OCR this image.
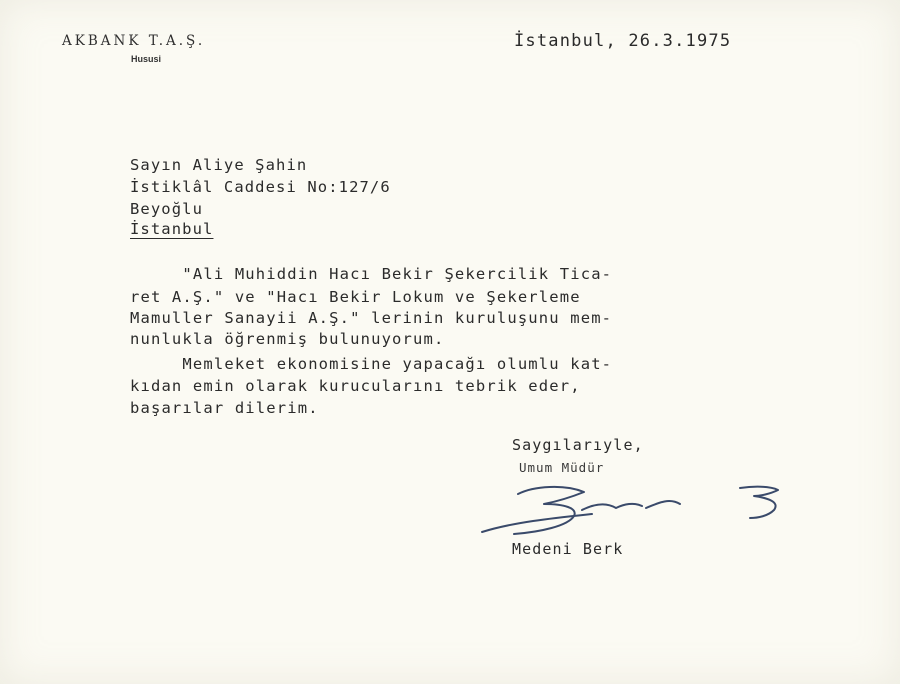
AKBANK T.A.Ş.
Hususi
İstanbul, 26.3.1975
Sayın Aliye Şahin
İstiklâl Caddesi No:127/6
Beyoğlu
İstanbul
"Ali Muhiddin Hacı Bekir Şekercilik Tica-
ret A.Ş." ve "Hacı Bekir Lokum ve Şekerleme
Mamuller Sanayii A.Ş." lerinin kuruluşunu mem-
nunlukla öğrenmiş bulunuyorum.
Memleket ekonomisine yapacağı olumlu kat-
kıdan emin olarak kurucularını tebrik eder,
başarılar dilerim.
Saygılarıyle,
Umum Müdür
Medeni Berk
